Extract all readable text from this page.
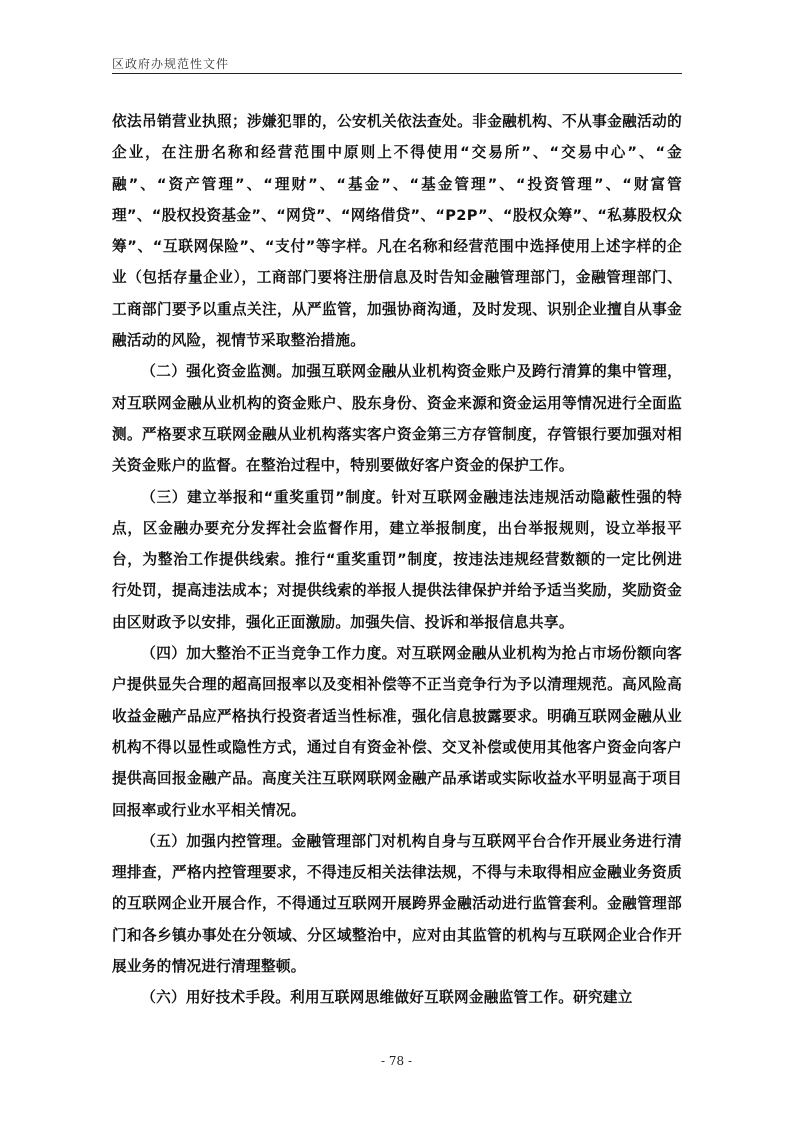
区政府办规范性文件

依法吊销营业执照；涉嫌犯罪的，公安机关依法查处。非金融机构、不从事金融活动的企业，在注册名称和经营范围中原则上不得使用“交易所”、“交易中心”、“金融”、“资产管理”、“理财”、“基金”、“基金管理”、“投资管理”、“财富管理”、“股权投资基金”、“网贷”、“网络借贷”、“P2P”、“股权众筹”、“私募股权众筹”、“互联网保险”、“支付”等字样。凡在名称和经营范围中选择使用上述字样的企业（包括存量企业），工商部门要将注册信息及时告知金融管理部门，金融管理部门、工商部门要予以重点关注，从严监管，加强协商沟通，及时发现、识别企业擅自从事金融活动的风险，视情节采取整治措施。

（二）强化资金监测。加强互联网金融从业机构资金账户及跨行清算的集中管理，对互联网金融从业机构的资金账户、股东身份、资金来源和资金运用等情况进行全面监测。严格要求互联网金融从业机构落实客户资金第三方存管制度，存管银行要加强对相关资金账户的监督。在整治过程中，特别要做好客户资金的保护工作。

（三）建立举报和“重奖重罚”制度。针对互联网金融违法违规活动隐蔽性强的特点，区金融办要充分发挥社会监督作用，建立举报制度，出台举报规则，设立举报平台，为整治工作提供线索。推行“重奖重罚”制度，按违法违规经营数额的一定比例进行处罚，提高违法成本；对提供线索的举报人提供法律保护并给予适当奖励，奖励资金由区财政予以安排，强化正面激励。加强失信、投诉和举报信息共享。

（四）加大整治不正当竞争工作力度。对互联网金融从业机构为抢占市场份额向客户提供显失合理的超高回报率以及变相补偿等不正当竞争行为予以清理规范。高风险高收益金融产品应严格执行投资者适当性标准，强化信息披露要求。明确互联网金融从业机构不得以显性或隐性方式，通过自有资金补偿、交叉补偿或使用其他客户资金向客户提供高回报金融产品。高度关注互联网联网金融产品承诺或实际收益水平明显高于项目回报率或行业水平相关情况。

（五）加强内控管理。金融管理部门对机构自身与互联网平台合作开展业务进行清理排查，严格内控管理要求，不得违反相关法律法规，不得与未取得相应金融业务资质的互联网企业开展合作，不得通过互联网开展跨界金融活动进行监管套利。金融管理部门和各乡镇办事处在分领域、分区域整治中，应对由其监管的机构与互联网企业合作开展业务的情况进行清理整顿。

（六）用好技术手段。利用互联网思维做好互联网金融监管工作。研究建立

- 78 -
